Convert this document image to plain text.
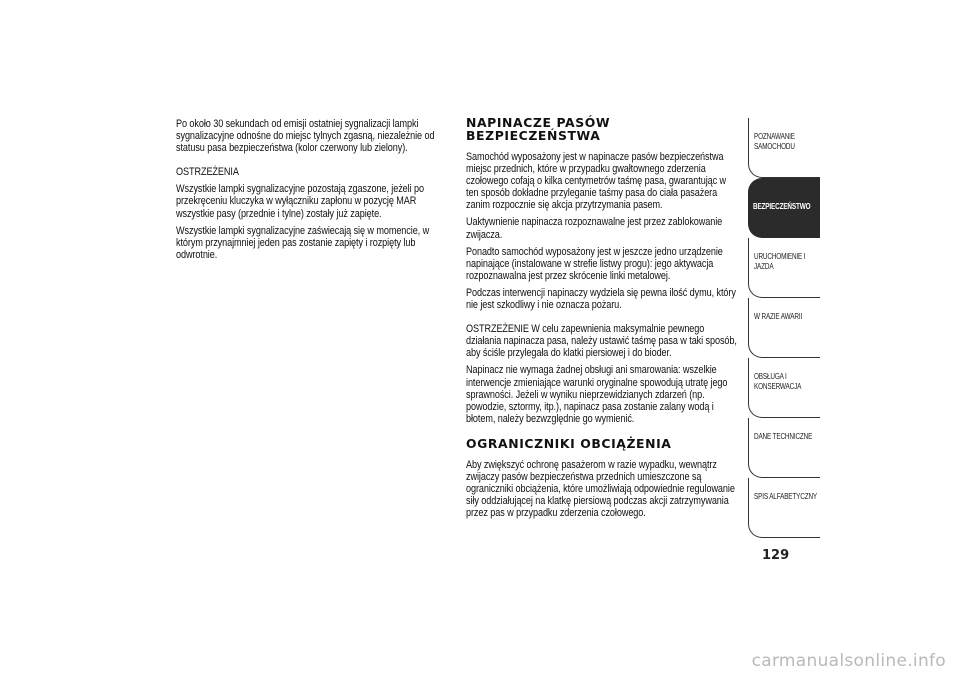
Po około 30 sekundach od emisji ostatniej sygnalizacji lampki sygnalizacyjne odnośne do miejsc tylnych zgasną, niezależnie od statusu pasa bezpieczeństwa (kolor czerwony lub zielony).

OSTRZEŻENIA

Wszystkie lampki sygnalizacyjne pozostają zgaszone, jeżeli po przekręceniu kluczyka w wyłączniku zapłonu w pozycję MAR wszystkie pasy (przednie i tylne) zostały już zapięte.

Wszystkie lampki sygnalizacyjne zaświecają się w momencie, w którym przynajmniej jeden pas zostanie zapięty i rozpięty lub odwrotnie.

NAPINACZE PASÓW BEZPIECZEŃSTWA

Samochód wyposażony jest w napinacze pasów bezpieczeństwa miejsc przednich, które w przypadku gwałtownego zderzenia czołowego cofają o kilka centymetrów taśmę pasa, gwarantując w ten sposób dokładne przyleganie taśmy pasa do ciała pasażera zanim rozpocznie się akcja przytrzymania pasem.

Uaktywnienie napinacza rozpoznawalne jest przez zablokowanie zwijacza.

Ponadto samochód wyposażony jest w jeszcze jedno urządzenie napinające (instalowane w strefie listwy progu): jego aktywacja rozpoznawalna jest przez skrócenie linki metalowej.

Podczas interwencji napinaczy wydziela się pewna ilość dymu, który nie jest szkodliwy i nie oznacza pożaru.

OSTRZEŻENIE W celu zapewnienia maksymalnie pewnego działania napinacza pasa, należy ustawić taśmę pasa w taki sposób, aby ściśle przylegała do klatki piersiowej i do bioder.

Napinacz nie wymaga żadnej obsługi ani smarowania: wszelkie interwencje zmieniające warunki oryginalne spowodują utratę jego sprawności. Jeżeli w wyniku nieprzewidzianych zdarzeń (np. powodzie, sztormy, itp.), napinacz pasa zostanie zalany wodą i błotem, należy bezwzględnie go wymienić.

OGRANICZNIKI OBCIĄŻENIA

Aby zwiększyć ochronę pasażerom w razie wypadku, wewnątrz zwijaczy pasów bezpieczeństwa przednich umieszczone są ograniczniki obciążenia, które umożliwiają odpowiednie regulowanie siły oddziałującej na klatkę piersiową podczas akcji zatrzymywania przez pas w przypadku zderzenia czołowego.

POZNAWANIE SAMOCHODU
BEZPIECZEŃSTWO
URUCHOMIENIE I JAZDA
W RAZIE AWARII
OBSŁUGA I KONSERWACJA
DANE TECHNICZNE
SPIS ALFABETYCZNY
129
carmanualsonline.info
